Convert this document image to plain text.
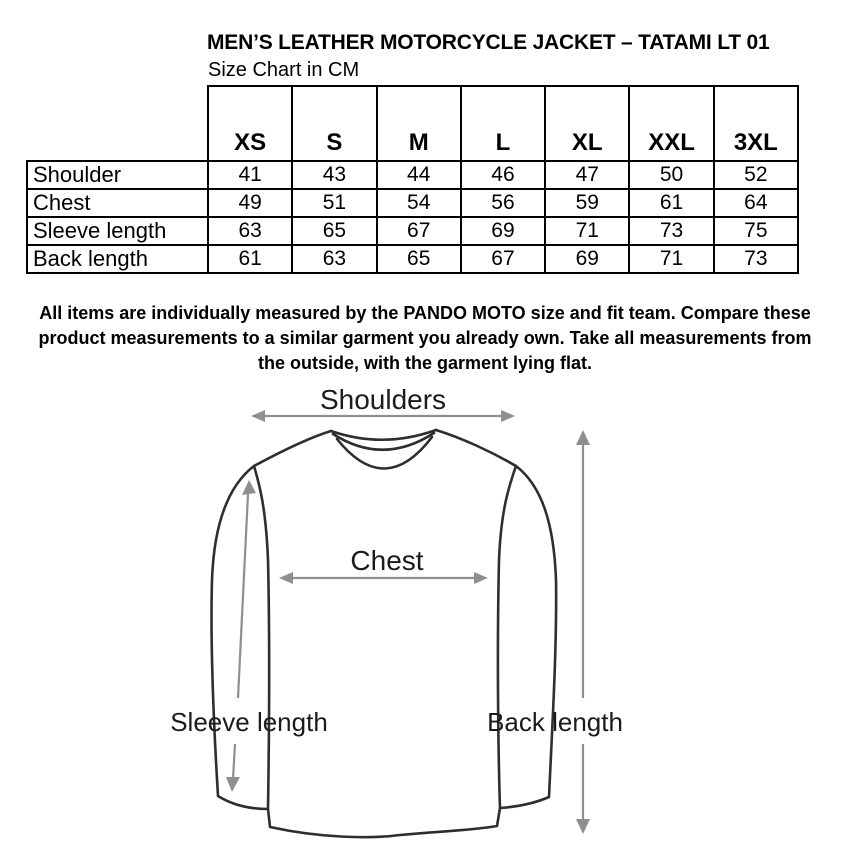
MEN’S LEATHER MOTORCYCLE JACKET – TATAMI LT 01

Size Chart in CM

	XS	S	M	L	XL	XXL	3XL
Shoulder	41	43	44	46	47	50	52
Chest	49	51	54	56	59	61	64
Sleeve length	63	65	67	69	71	73	75
Back length	61	63	65	67	69	71	73

All items are individually measured by the PANDO MOTO size and fit team. Compare these product measurements to a similar garment you already own. Take all measurements from the outside, with the garment lying flat.

Shoulders
Chest
Sleeve length	Back length
